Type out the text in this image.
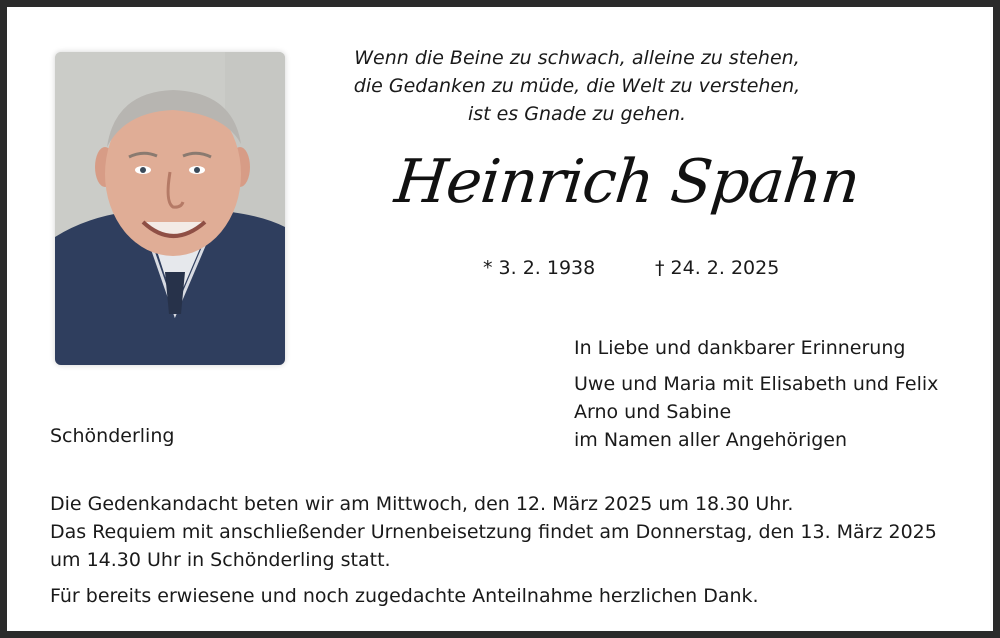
Wenn die Beine zu schwach, alleine zu stehen,
die Gedanken zu müde, die Welt zu verstehen,
ist es Gnade zu gehen.
Heinrich Spahn
* 3. 2. 1938	† 24. 2. 2025
In Liebe und dankbarer Erinnerung
Uwe und Maria mit Elisabeth und Felix
Arno und Sabine
im Namen aller Angehörigen
Schönderling
Die Gedenkandacht beten wir am Mittwoch, den 12. März 2025 um 18.30 Uhr.
Das Requiem mit anschließender Urnenbeisetzung findet am Donnerstag, den 13. März 2025
um 14.30 Uhr in Schönderling statt.
Für bereits erwiesene und noch zugedachte Anteilnahme herzlichen Dank.
